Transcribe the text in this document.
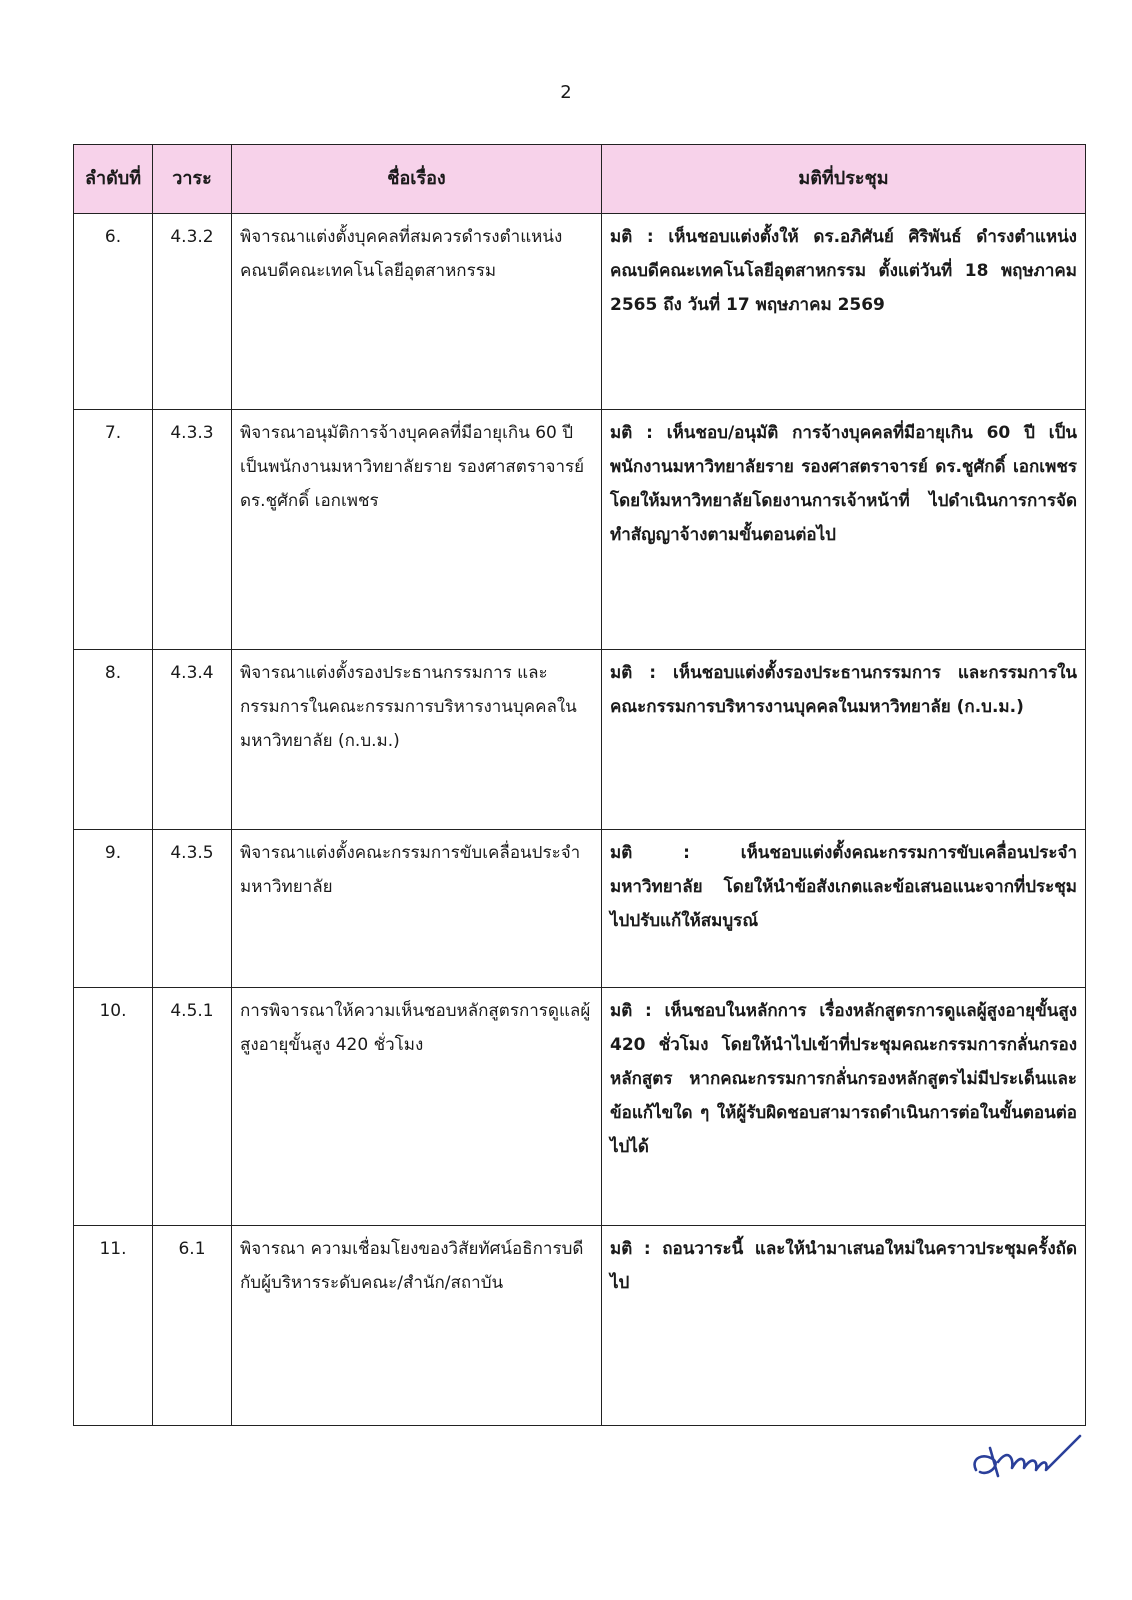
2
ลำดับที่	วาระ	ชื่อเรื่อง	มติที่ประชุม
6.	4.3.2	พิจารณาแต่งตั้งบุคคลที่สมควรดำรงตำแหน่งคณบดีคณะเทคโนโลยีอุตสาหกรรม	มติ : เห็นชอบแต่งตั้งให้ ดร.อภิศันย์ ศิริพันธ์ ดำรงตำแหน่งคณบดีคณะเทคโนโลยีอุตสาหกรรม ตั้งแต่วันที่ 18 พฤษภาคม 2565 ถึง วันที่ 17 พฤษภาคม 2569
7.	4.3.3	พิจารณาอนุมัติการจ้างบุคคลที่มีอายุเกิน 60 ปี เป็นพนักงานมหาวิทยาลัยราย รองศาสตราจารย์ ดร.ชูศักดิ์ เอกเพชร	มติ : เห็นชอบ/อนุมัติ การจ้างบุคคลที่มีอายุเกิน 60 ปี เป็นพนักงานมหาวิทยาลัยราย รองศาสตราจารย์ ดร.ชูศักดิ์ เอกเพชร โดยให้มหาวิทยาลัยโดยงานการเจ้าหน้าที่ ไปดำเนินการการจัดทำสัญญาจ้างตามขั้นตอนต่อไป
8.	4.3.4	พิจารณาแต่งตั้งรองประธานกรรมการ และกรรมการในคณะกรรมการบริหารงานบุคคลในมหาวิทยาลัย (ก.บ.ม.)	มติ : เห็นชอบแต่งตั้งรองประธานกรรมการ และกรรมการในคณะกรรมการบริหารงานบุคคลในมหาวิทยาลัย (ก.บ.ม.)
9.	4.3.5	พิจารณาแต่งตั้งคณะกรรมการขับเคลื่อนประจำมหาวิทยาลัย	มติ : เห็นชอบแต่งตั้งคณะกรรมการขับเคลื่อนประจำมหาวิทยาลัย โดยให้นำข้อสังเกตและข้อเสนอแนะจากที่ประชุมไปปรับแก้ให้สมบูรณ์
10.	4.5.1	การพิจารณาให้ความเห็นชอบหลักสูตรการดูแลผู้สูงอายุขั้นสูง 420 ชั่วโมง	มติ : เห็นชอบในหลักการ เรื่องหลักสูตรการดูแลผู้สูงอายุขั้นสูง 420 ชั่วโมง โดยให้นำไปเข้าที่ประชุมคณะกรรมการกลั่นกรองหลักสูตร หากคณะกรรมการกลั่นกรองหลักสูตรไม่มีประเด็นและข้อแก้ไขใด ๆ ให้ผู้รับผิดชอบสามารถดำเนินการต่อในขั้นตอนต่อไปได้
11.	6.1	พิจารณา ความเชื่อมโยงของวิสัยทัศน์อธิการบดีกับผู้บริหารระดับคณะ/สำนัก/สถาบัน	มติ : ถอนวาระนี้ และให้นำมาเสนอใหม่ในคราวประชุมครั้งถัดไป
